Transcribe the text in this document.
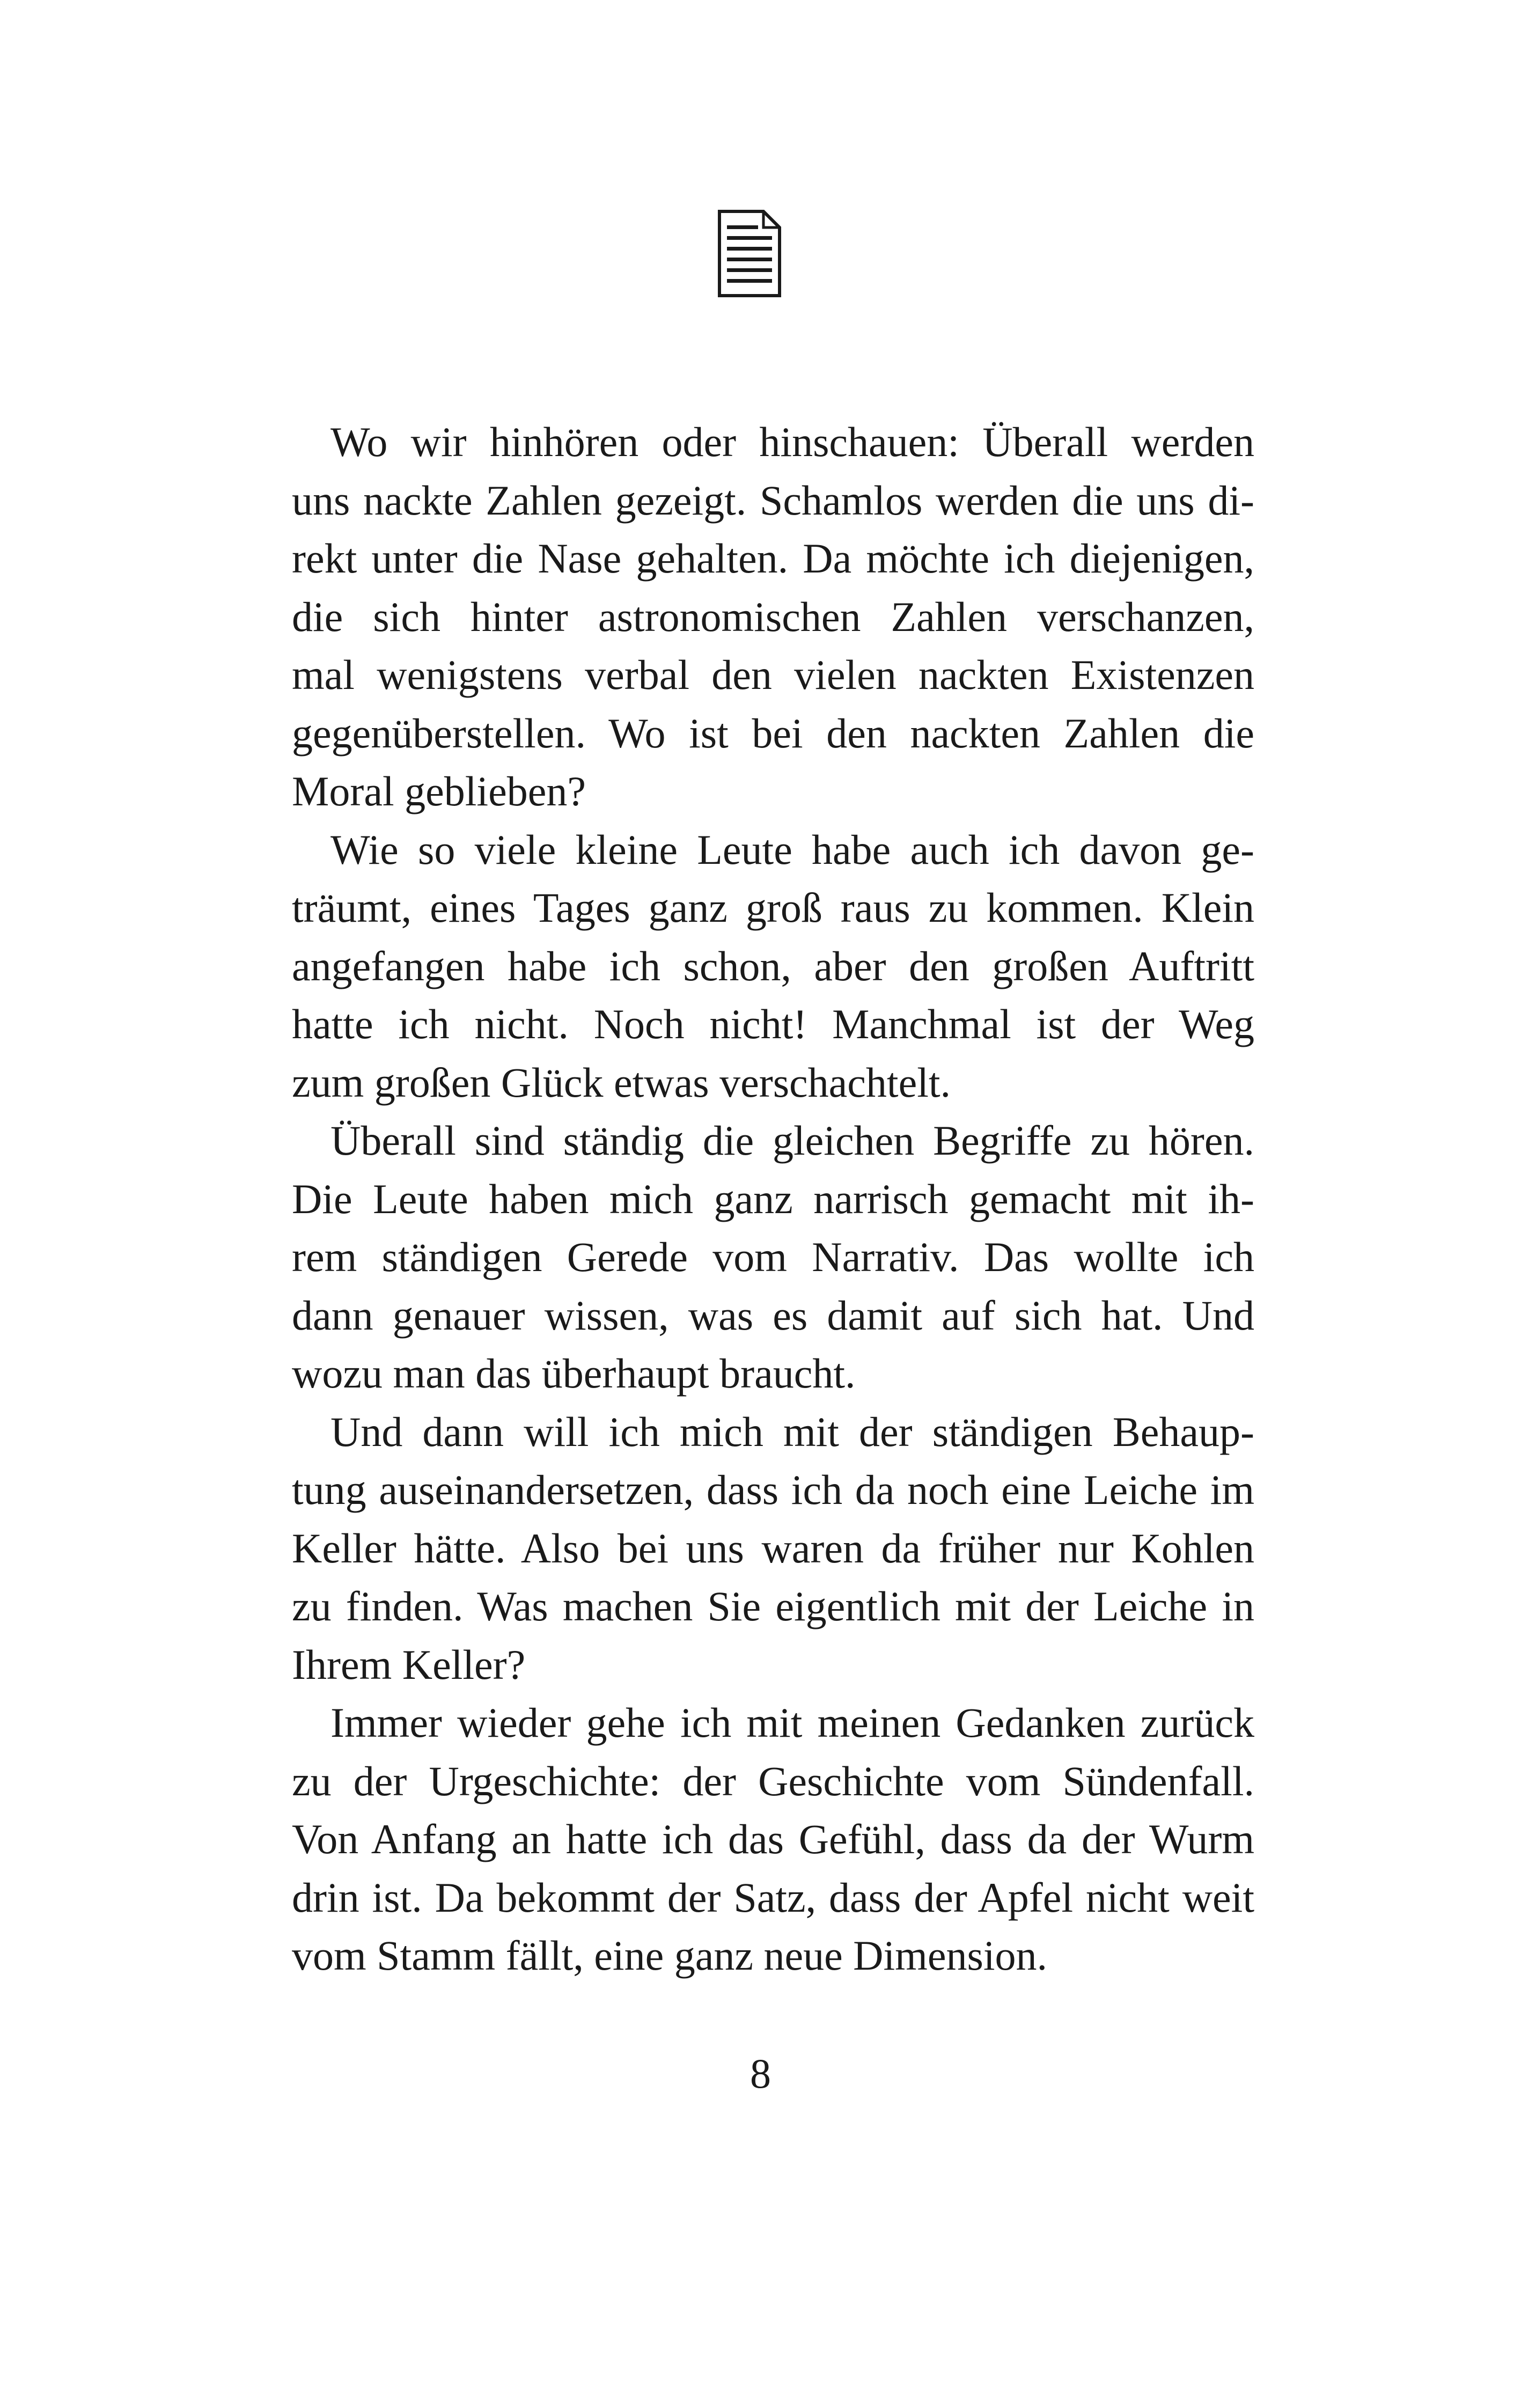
Wo wir hinhören oder hinschauen: Überall werden
uns nackte Zahlen gezeigt. Schamlos werden die uns di-
rekt unter die Nase gehalten. Da möchte ich diejenigen,
die sich hinter astronomischen Zahlen verschanzen,
mal wenigstens verbal den vielen nackten Existenzen
gegenüberstellen. Wo ist bei den nackten Zahlen die
Moral geblieben?

Wie so viele kleine Leute habe auch ich davon ge-
träumt, eines Tages ganz groß raus zu kommen. Klein
angefangen habe ich schon, aber den großen Auftritt
hatte ich nicht. Noch nicht! Manchmal ist der Weg
zum großen Glück etwas verschachtelt.

Überall sind ständig die gleichen Begriffe zu hören.
Die Leute haben mich ganz narrisch gemacht mit ih-
rem ständigen Gerede vom Narrativ. Das wollte ich
dann genauer wissen, was es damit auf sich hat. Und
wozu man das überhaupt braucht.

Und dann will ich mich mit der ständigen Behaup-
tung auseinandersetzen, dass ich da noch eine Leiche im
Keller hätte. Also bei uns waren da früher nur Kohlen
zu finden. Was machen Sie eigentlich mit der Leiche in
Ihrem Keller?

Immer wieder gehe ich mit meinen Gedanken zurück
zu der Urgeschichte: der Geschichte vom Sündenfall.
Von Anfang an hatte ich das Gefühl, dass da der Wurm
drin ist. Da bekommt der Satz, dass der Apfel nicht weit
vom Stamm fällt, eine ganz neue Dimension.

8
